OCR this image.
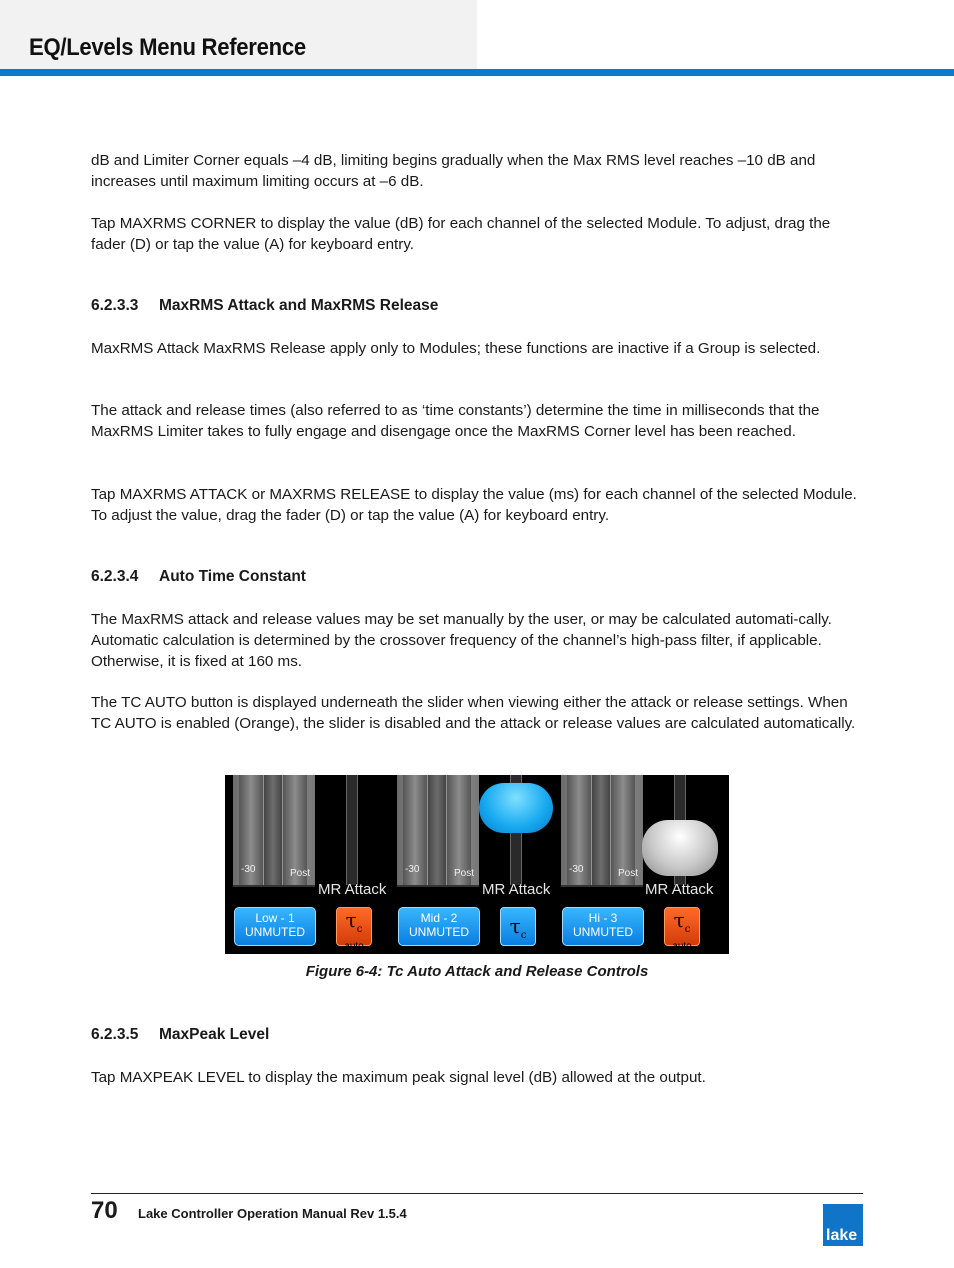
EQ/Levels Menu Reference

dB and Limiter Corner equals –4 dB, limiting begins gradually when the Max RMS level reaches –10 dB and increases until maximum limiting occurs at –6 dB.

Tap MAXRMS CORNER to display the value (dB) for each channel of the selected Module. To adjust, drag the fader (D) or tap the value (A) for keyboard entry.

6.2.3.3 MaxRMS Attack and MaxRMS Release

MaxRMS Attack MaxRMS Release apply only to Modules; these functions are inactive if a Group is selected.

The attack and release times (also referred to as ‘time constants’) determine the time in milliseconds that the MaxRMS Limiter takes to fully engage and disengage once the MaxRMS Corner level has been reached.

Tap MAXRMS ATTACK or MAXRMS RELEASE to display the value (ms) for each channel of the selected Module. To adjust the value, drag the fader (D) or tap the value (A) for keyboard entry.

6.2.3.4 Auto Time Constant

The MaxRMS attack and release values may be set manually by the user, or may be calculated automati-cally. Automatic calculation is determined by the crossover frequency of the channel’s high-pass filter, if applicable. Otherwise, it is fixed at 160 ms.

The TC AUTO button is displayed underneath the slider when viewing either the attack or release settings. When TC AUTO is enabled (Orange), the slider is disabled and the attack or release values are calculated automatically.

-30	Post
MR Attack
Low - 1
UNMUTED	$\tau_c$
auto
-30	Post
MR Attack
Mid - 2
UNMUTED	$\tau_c$
-30	Post
MR Attack
Hi - 3
UNMUTED	$\tau_c$
auto

Figure 6-4: Tc Auto Attack and Release Controls

6.2.3.5 MaxPeak Level

Tap MAXPEAK LEVEL to display the maximum peak signal level (dB) allowed at the output.

70 Lake Controller Operation Manual Rev 1.5.4

lake
